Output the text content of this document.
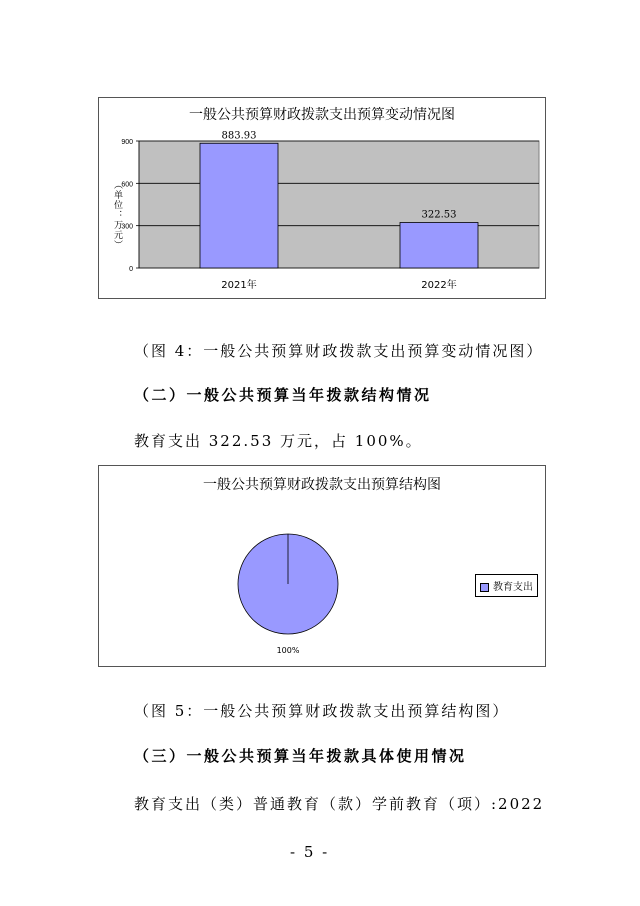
一般公共预算财政拨款支出预算变动情况图
0
300
600
900
883.93
2021年
322.53
2022年
（单位：万元）
（图 4：一般公共预算财政拨款支出预算变动情况图）
（二）一般公共预算当年拨款结构情况
教育支出 322.53 万元，占 100%。
一般公共预算财政拨款支出预算结构图
100%
教育支出
（图 5：一般公共预算财政拨款支出预算结构图）
（三）一般公共预算当年拨款具体使用情况
教育支出（类）普通教育（款）学前教育（项）:2022
- 5 -
